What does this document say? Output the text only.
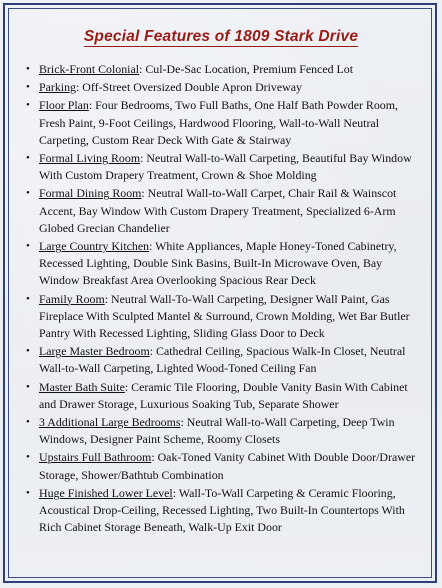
Special Features of 1809 Stark Drive
• Brick-Front Colonial: Cul-De-Sac Location, Premium Fenced Lot
• Parking: Off-Street Oversized Double Apron Driveway
• Floor Plan: Four Bedrooms, Two Full Baths, One Half Bath Powder Room, Fresh Paint, 9-Foot Ceilings, Hardwood Flooring, Wall-to-Wall Neutral Carpeting, Custom Rear Deck With Gate & Stairway
• Formal Living Room: Neutral Wall-to-Wall Carpeting, Beautiful Bay Window With Custom Drapery Treatment, Crown & Shoe Molding
• Formal Dining Room: Neutral Wall-to-Wall Carpet, Chair Rail & Wainscot Accent, Bay Window With Custom Drapery Treatment, Specialized 6-Arm Globed Grecian Chandelier
• Large Country Kitchen: White Appliances, Maple Honey-Toned Cabinetry, Recessed Lighting, Double Sink Basins, Built-In Microwave Oven, Bay Window Breakfast Area Overlooking Spacious Rear Deck
• Family Room: Neutral Wall-To-Wall Carpeting, Designer Wall Paint, Gas Fireplace With Sculpted Mantel & Surround, Crown Molding, Wet Bar Butler Pantry With Recessed Lighting, Sliding Glass Door to Deck
• Large Master Bedroom: Cathedral Ceiling, Spacious Walk-In Closet, Neutral Wall-to-Wall Carpeting, Lighted Wood-Toned Ceiling Fan
• Master Bath Suite: Ceramic Tile Flooring, Double Vanity Basin With Cabinet and Drawer Storage, Luxurious Soaking Tub, Separate Shower
• 3 Additional Large Bedrooms: Neutral Wall-to-Wall Carpeting, Deep Twin Windows, Designer Paint Scheme, Roomy Closets
• Upstairs Full Bathroom: Oak-Toned Vanity Cabinet With Double Door/Drawer Storage, Shower/Bathtub Combination
• Huge Finished Lower Level: Wall-To-Wall Carpeting & Ceramic Flooring, Acoustical Drop-Ceiling, Recessed Lighting, Two Built-In Countertops With Rich Cabinet Storage Beneath, Walk-Up Exit Door
